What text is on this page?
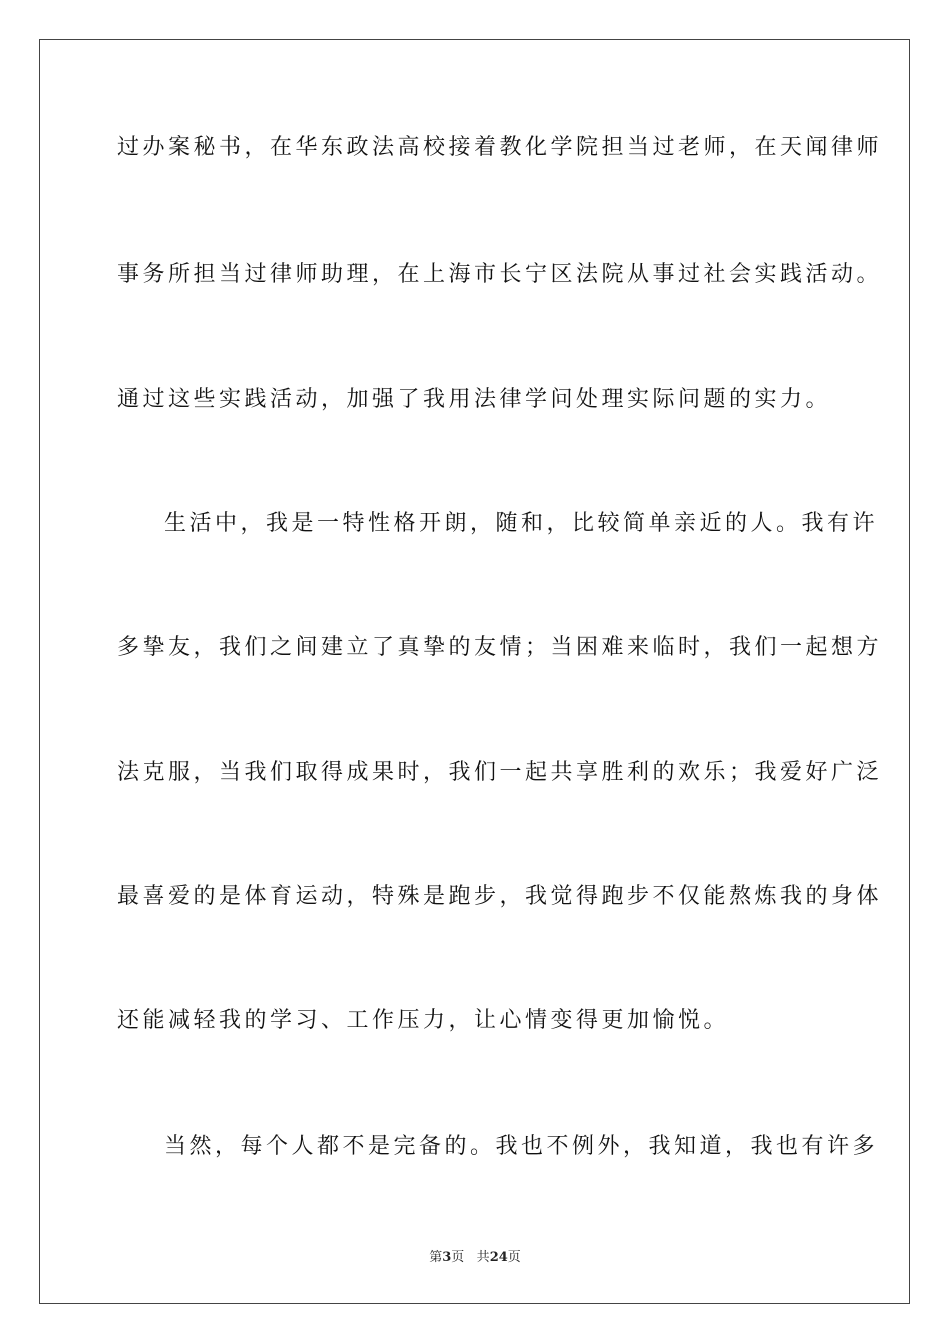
过办案秘书，在华东政法高校接着教化学院担当过老师，在天闻律师
事务所担当过律师助理，在上海市长宁区法院从事过社会实践活动。
通过这些实践活动，加强了我用法律学问处理实际问题的实力。
生活中，我是一特性格开朗，随和，比较简单亲近的人。我有许
多挚友，我们之间建立了真挚的友情；当困难来临时，我们一起想方
法克服，当我们取得成果时，我们一起共享胜利的欢乐；我爱好广泛
最喜爱的是体育运动，特殊是跑步，我觉得跑步不仅能熬炼我的身体
还能减轻我的学习、工作压力，让心情变得更加愉悦。
当然，每个人都不是完备的。我也不例外，我知道，我也有许多
第3页 共24页
